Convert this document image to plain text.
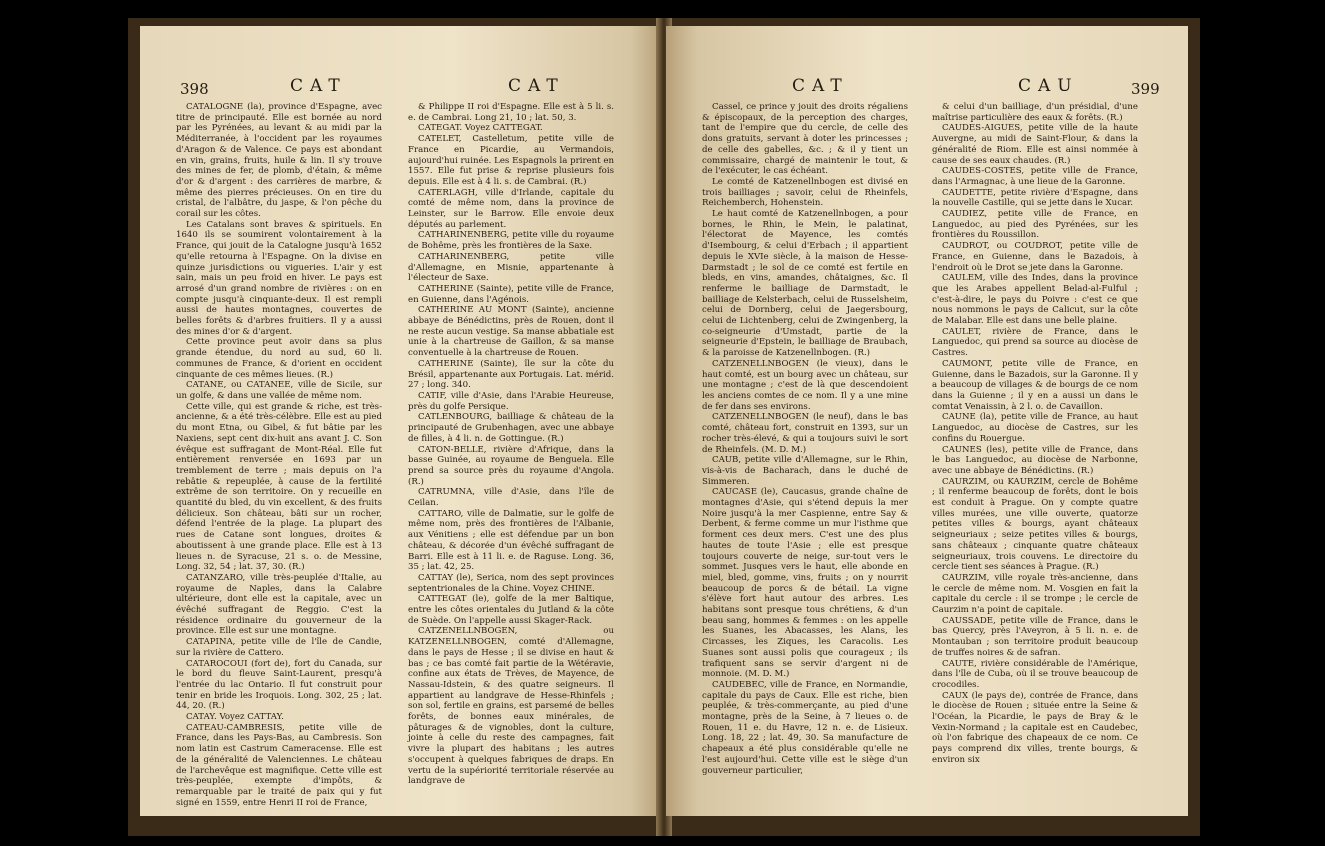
398	CAT	CAT

CATALOGNE (la), province d'Espagne, avec titre de principauté. Elle est bornée au nord par les Pyrénées, au levant & au midi par la Méditerranée, à l'occident par les royaumes d'Aragon & de Valence. Ce pays est abondant en vin, grains, fruits, huile & lin. Il s'y trouve des mines de fer, de plomb, d'étain, & même d'or & d'argent : des carrières de marbre, & même des pierres précieuses. On en tire du cristal, de l'albâtre, du jaspe, & l'on pêche du corail sur les côtes.

Les Catalans sont braves & spirituels. En 1640 ils se soumirent volontairement à la France, qui jouit de la Catalogne jusqu'à 1652 qu'elle retourna à l'Espagne. On la divise en quinze jurisdictions ou vigueries. L'air y est sain, mais un peu froid en hiver. Le pays est arrosé d'un grand nombre de rivières : on en compte jusqu'à cinquante-deux. Il est rempli aussi de hautes montagnes, couvertes de belles forêts & d'arbres fruitiers. Il y a aussi des mines d'or & d'argent.

Cette province peut avoir dans sa plus grande étendue, du nord au sud, 60 li. communes de France, & d'orient en occident cinquante de ces mêmes lieues. (R.)

CATANE, ou CATANEE, ville de Sicile, sur un golfe, & dans une vallée de même nom.

Cette ville, qui est grande & riche, est très-ancienne, & a été très-célèbre. Elle est au pied du mont Etna, ou Gibel, & fut bâtie par les Naxiens, sept cent dix-huit ans avant J. C. Son évêque est suffragant de Mont-Réal. Elle fut entièrement renversée en 1693 par un tremblement de terre ; mais depuis on l'a rebâtie & repeuplée, à cause de la fertilité extrême de son territoire. On y recueille en quantité du bled, du vin excellent, & des fruits délicieux. Son château, bâti sur un rocher, défend l'entrée de la plage. La plupart des rues de Catane sont longues, droites & aboutissent à une grande place. Elle est à 13 lieues n. de Syracuse, 21 s. o. de Messine, Long. 32, 54 ; lat. 37, 30. (R.)

CATANZARO, ville très-peuplée d'Italie, au royaume de Naples, dans la Calabre ultérieure, dont elle est la capitale, avec un évêché suffragant de Reggio. C'est la résidence ordinaire du gouverneur de la province. Elle est sur une montagne.

CATAPINA, petite ville de l'île de Candie, sur la rivière de Cattero.

CATAROCOUI (fort de), fort du Canada, sur le bord du fleuve Saint-Laurent, presqu'à l'entrée du lac Ontario. Il fut construit pour tenir en bride les Iroquois. Long. 302, 25 ; lat. 44, 20. (R.)

CATAY. Voyez CATTAY.

CATEAU-CAMBRESIS, petite ville de France, dans les Pays-Bas, au Cambresis. Son nom latin est Castrum Cameracense. Elle est de la généralité de Valenciennes. Le château de l'archevêque est magnifique. Cette ville est très-peuplée, exempte d'impôts, & remarquable par le traité de paix qui y fut signé en 1559, entre Henri II roi de France,

& Philippe II roi d'Espagne. Elle est à 5 li. s. e. de Cambrai. Long 21, 10 ; lat. 50, 3.

CATEGAT. Voyez CATTEGAT.

CATELET, Castelletum, petite ville de France en Picardie, au Vermandois, aujourd'hui ruinée. Les Espagnols la prirent en 1557. Elle fut prise & reprise plusieurs fois depuis. Elle est à 4 li. s. de Cambrai. (R.)

CATERLAGH, ville d'Irlande, capitale du comté de même nom, dans la province de Leinster, sur le Barrow. Elle envoie deux députés au parlement.

CATHARINENBERG, petite ville du royaume de Bohême, près les frontières de la Saxe.

CATHARINENBERG, petite ville d'Allemagne, en Misnie, appartenante à l'électeur de Saxe.

CATHERINE (Sainte), petite ville de France, en Guienne, dans l'Agénois.

CATHERINE AU MONT (Sainte), ancienne abbaye de Bénédictins, près de Rouen, dont il ne reste aucun vestige. Sa manse abbatiale est unie à la chartreuse de Gaillon, & sa manse conventuelle à la chartreuse de Rouen.

CATHERINE (Sainte), île sur la côte du Brésil, appartenante aux Portugais. Lat. mérid. 27 ; long. 340.

CATIF, ville d'Asie, dans l'Arabie Heureuse, près du golfe Persique.

CATLENBOURG, bailliage & château de la principauté de Grubenhagen, avec une abbaye de filles, à 4 li. n. de Gottingue. (R.)

CATON-BELLE, rivière d'Afrique, dans la basse Guinée, au royaume de Benguela. Elle prend sa source près du royaume d'Angola. (R.)

CATRUMNA, ville d'Asie, dans l'île de Ceilan.

CATTARO, ville de Dalmatie, sur le golfe de même nom, près des frontières de l'Albanie, aux Vénitiens ; elle est défendue par un bon château, & décorée d'un évêché suffragant de Barri. Elle est à 11 li. e. de Raguse. Long. 36, 35 ; lat. 42, 25.

CATTAY (le), Serica, nom des sept provinces septentrionales de la Chine. Voyez CHINE.

CATTEGAT (le), golfe de la mer Baltique, entre les côtes orientales du Jutland & la côte de Suède. On l'appelle aussi Skager-Rack.

CATZENELLNBOGEN, ou KATZENELLNBOGEN, comté d'Allemagne, dans le pays de Hesse ; il se divise en haut & bas ; ce bas comté fait partie de la Wétéravie, confine aux états de Trèves, de Mayence, de Nassau-Idstein, & des quatre seigneurs. Il appartient au landgrave de Hesse-Rhinfels ; son sol, fertile en grains, est parsemé de belles forêts, de bonnes eaux minérales, de pâturages & de vignobles, dont la culture, jointe à celle du reste des campagnes, fait vivre la plupart des habitans ; les autres s'occupent à quelques fabriques de draps. En vertu de la supériorité territoriale réservée au landgrave de

CAT	CAU	399

Cassel, ce prince y jouit des droits régaliens & épiscopaux, de la perception des charges, tant de l'empire que du cercle, de celle des dons gratuits, servant à doter les princesses ; de celle des gabelles, &c. ; & il y tient un commissaire, chargé de maintenir le tout, & de l'exécuter, le cas échéant.

Le comté de Katzenellnbogen est divisé en trois bailliages ; savoir, celui de Rheinfels, Reichemberch, Hohenstein.

Le haut comté de Katzenellnbogen, a pour bornes, le Rhin, le Mein, le palatinat, l'électorat de Mayence, les comtés d'Isembourg, & celui d'Erbach ; il appartient depuis le XVIe siècle, à la maison de Hesse-Darmstadt ; le sol de ce comté est fertile en bleds, en vins, amandes, châtaignes, &c. Il renferme le bailliage de Darmstadt, le bailliage de Kelsterbach, celui de Russelsheim, celui de Dornberg, celui de Jaegersbourg, celui de Lichtenberg, celui de Zwingenberg, la co-seigneurie d'Umstadt, partie de la seigneurie d'Epstein, le bailliage de Braubach, & la paroisse de Katzenellnbogen. (R.)

CATZENELLNBOGEN (le vieux), dans le haut comté, est un bourg avec un château, sur une montagne ; c'est de là que descendoient les anciens comtes de ce nom. Il y a une mine de fer dans ses environs.

CATZENELLNBOGEN (le neuf), dans le bas comté, château fort, construit en 1393, sur un rocher très-élevé, & qui a toujours suivi le sort de Rheinfels. (M. D. M.)

CAUB, petite ville d'Allemagne, sur le Rhin, vis-à-vis de Bacharach, dans le duché de Simmeren.

CAUCASE (le), Caucasus, grande chaîne de montagnes d'Asie, qui s'étend depuis la mer Noire jusqu'à la mer Caspienne, entre Say & Derbent, & ferme comme un mur l'isthme que forment ces deux mers. C'est une des plus hautes de toute l'Asie ; elle est presque toujours couverte de neige, sur-tout vers le sommet. Jusques vers le haut, elle abonde en miel, bled, gomme, vins, fruits ; on y nourrit beaucoup de porcs & de bétail. La vigne s'élève fort haut autour des arbres. Les habitans sont presque tous chrétiens, & d'un beau sang, hommes & femmes : on les appelle les Suanes, les Abacasses, les Alans, les Circasses, les Ziques, les Caracolis. Les Suanes sont aussi polis que courageux ; ils trafiquent sans se servir d'argent ni de monnoie. (M. D. M.)

CAUDEBEC, ville de France, en Normandie, capitale du pays de Caux. Elle est riche, bien peuplée, & très-commerçante, au pied d'une montagne, près de la Seine, à 7 lieues o. de Rouen, 11 e. du Havre, 12 n. e. de Lisieux. Long. 18, 22 ; lat. 49, 30. Sa manufacture de chapeaux a été plus considérable qu'elle ne l'est aujourd'hui. Cette ville est le siège d'un gouverneur particulier,

& celui d'un bailliage, d'un présidial, d'une maîtrise particulière des eaux & forêts. (R.)

CAUDES-AIGUES, petite ville de la haute Auvergne, au midi de Saint-Flour, & dans la généralité de Riom. Elle est ainsi nommée à cause de ses eaux chaudes. (R.)

CAUDES-COSTES, petite ville de France, dans l'Armagnac, à une lieue de la Garonne.

CAUDETTE, petite rivière d'Espagne, dans la nouvelle Castille, qui se jette dans le Xucar.

CAUDIEZ, petite ville de France, en Languedoc, au pied des Pyrénées, sur les frontières du Roussillon.

CAUDROT, ou COUDROT, petite ville de France, en Guienne, dans le Bazadois, à l'endroit où le Drot se jete dans la Garonne.

CAULEM, ville des Indes, dans la province que les Arabes appellent Belad-al-Fulful ; c'est-à-dire, le pays du Poivre : c'est ce que nous nommons le pays de Calicut, sur la côte de Malabar. Elle est dans une belle plaine.

CAULET, rivière de France, dans le Languedoc, qui prend sa source au diocèse de Castres.

CAUMONT, petite ville de France, en Guienne, dans le Bazadois, sur la Garonne. Il y a beaucoup de villages & de bourgs de ce nom dans la Guienne ; il y en a aussi un dans le comtat Venaissin, à 2 l. o. de Cavaillon.

CAUNE (la), petite ville de France, au haut Languedoc, au diocèse de Castres, sur les confins du Rouergue.

CAUNES (les), petite ville de France, dans le bas Languedoc, au diocèse de Narbonne, avec une abbaye de Bénédictins. (R.)

CAURZIM, ou KAURZIM, cercle de Bohême ; il renferme beaucoup de forêts, dont le bois est conduit à Prague. On y compte quatre villes murées, une ville ouverte, quatorze petites villes & bourgs, ayant châteaux seigneuriaux ; seize petites villes & bourgs, sans châteaux ; cinquante quatre châteaux seigneuriaux, trois couvens. Le directoire du cercle tient ses séances à Prague. (R.)

CAURZIM, ville royale très-ancienne, dans le cercle de même nom. M. Vosgien en fait la capitale du cercle : il se trompe ; le cercle de Caurzim n'a point de capitale.

CAUSSADE, petite ville de France, dans le bas Quercy, près l'Aveyron, à 5 li. n. e. de Montauban ; son territoire produit beaucoup de truffes noires & de safran.

CAUTE, rivière considérable de l'Amérique, dans l'île de Cuba, où il se trouve beaucoup de crocodiles.

CAUX (le pays de), contrée de France, dans le diocèse de Rouen ; située entre la Seine & l'Océan, la Picardie, le pays de Bray & le Vexin-Normand ; la capitale est en Caudebec, où l'on fabrique des chapeaux de ce nom. Ce pays comprend dix villes, trente bourgs, & environ six
